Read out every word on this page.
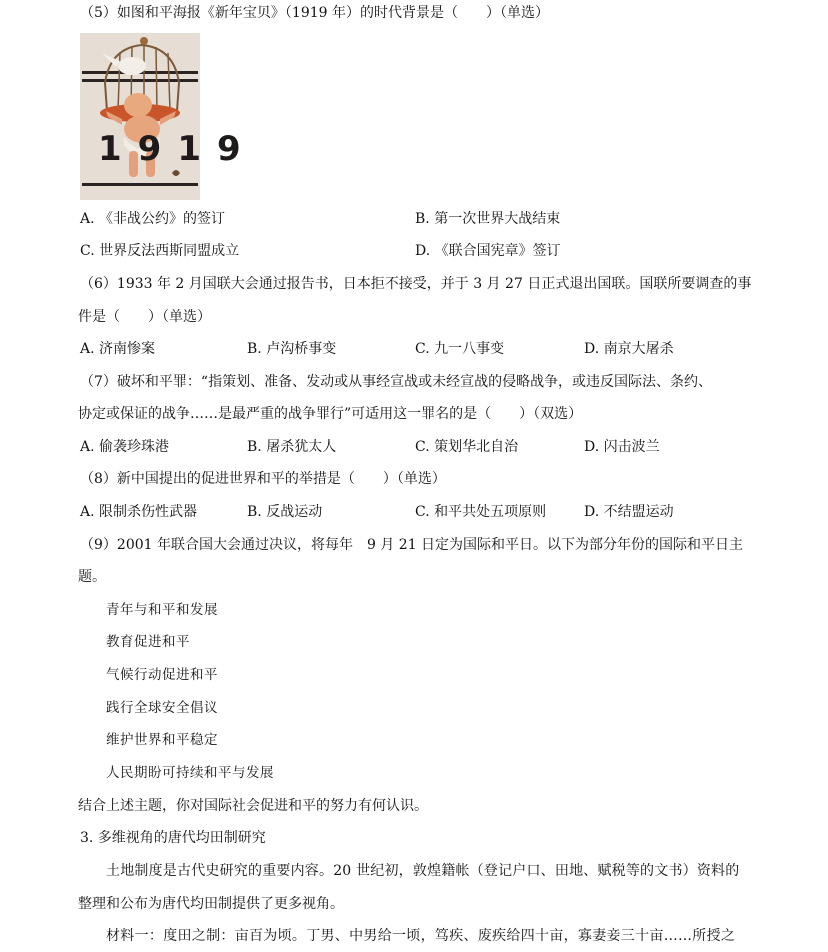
（5）如图和平海报《新年宝贝》（1919 年）的时代背景是（　　）（单选）
1919
A. 《非战公约》的签订	B. 第一次世界大战结束
C. 世界反法西斯同盟成立	D. 《联合国宪章》签订
（6）1933 年 2 月国联大会通过报告书，日本拒不接受，并于 3 月 27 日正式退出国联。国联所要调查的事
件是（　　）（单选）
A. 济南惨案	B. 卢沟桥事变	C. 九一八事变	D. 南京大屠杀
（7）破坏和平罪：“指策划、准备、发动或从事经宣战或未经宣战的侵略战争，或违反国际法、条约、
协定或保证的战争……是最严重的战争罪行”可适用这一罪名的是（　　）（双选）
A. 偷袭珍珠港	B. 屠杀犹太人	C. 策划华北自治	D. 闪击波兰
（8）新中国提出的促进世界和平的举措是（　　）（单选）
A. 限制杀伤性武器	B. 反战运动	C. 和平共处五项原则	D. 不结盟运动
（9）2001 年联合国大会通过决议，将每年　9 月 21 日定为国际和平日。以下为部分年份的国际和平日主
题。
青年与和平和发展
教育促进和平
气候行动促进和平
践行全球安全倡议
维护世界和平稳定
人民期盼可持续和平与发展
结合上述主题，你对国际社会促进和平的努力有何认识。
3. 多维视角的唐代均田制研究
土地制度是古代史研究的重要内容。20 世纪初，敦煌籍帐（登记户口、田地、赋税等的文书）资料的
整理和公布为唐代均田制提供了更多视角。
材料一：度田之制：亩百为顷。丁男、中男给一顷，笃疾、废疾给四十亩，寡妻妾三十亩……所授之
